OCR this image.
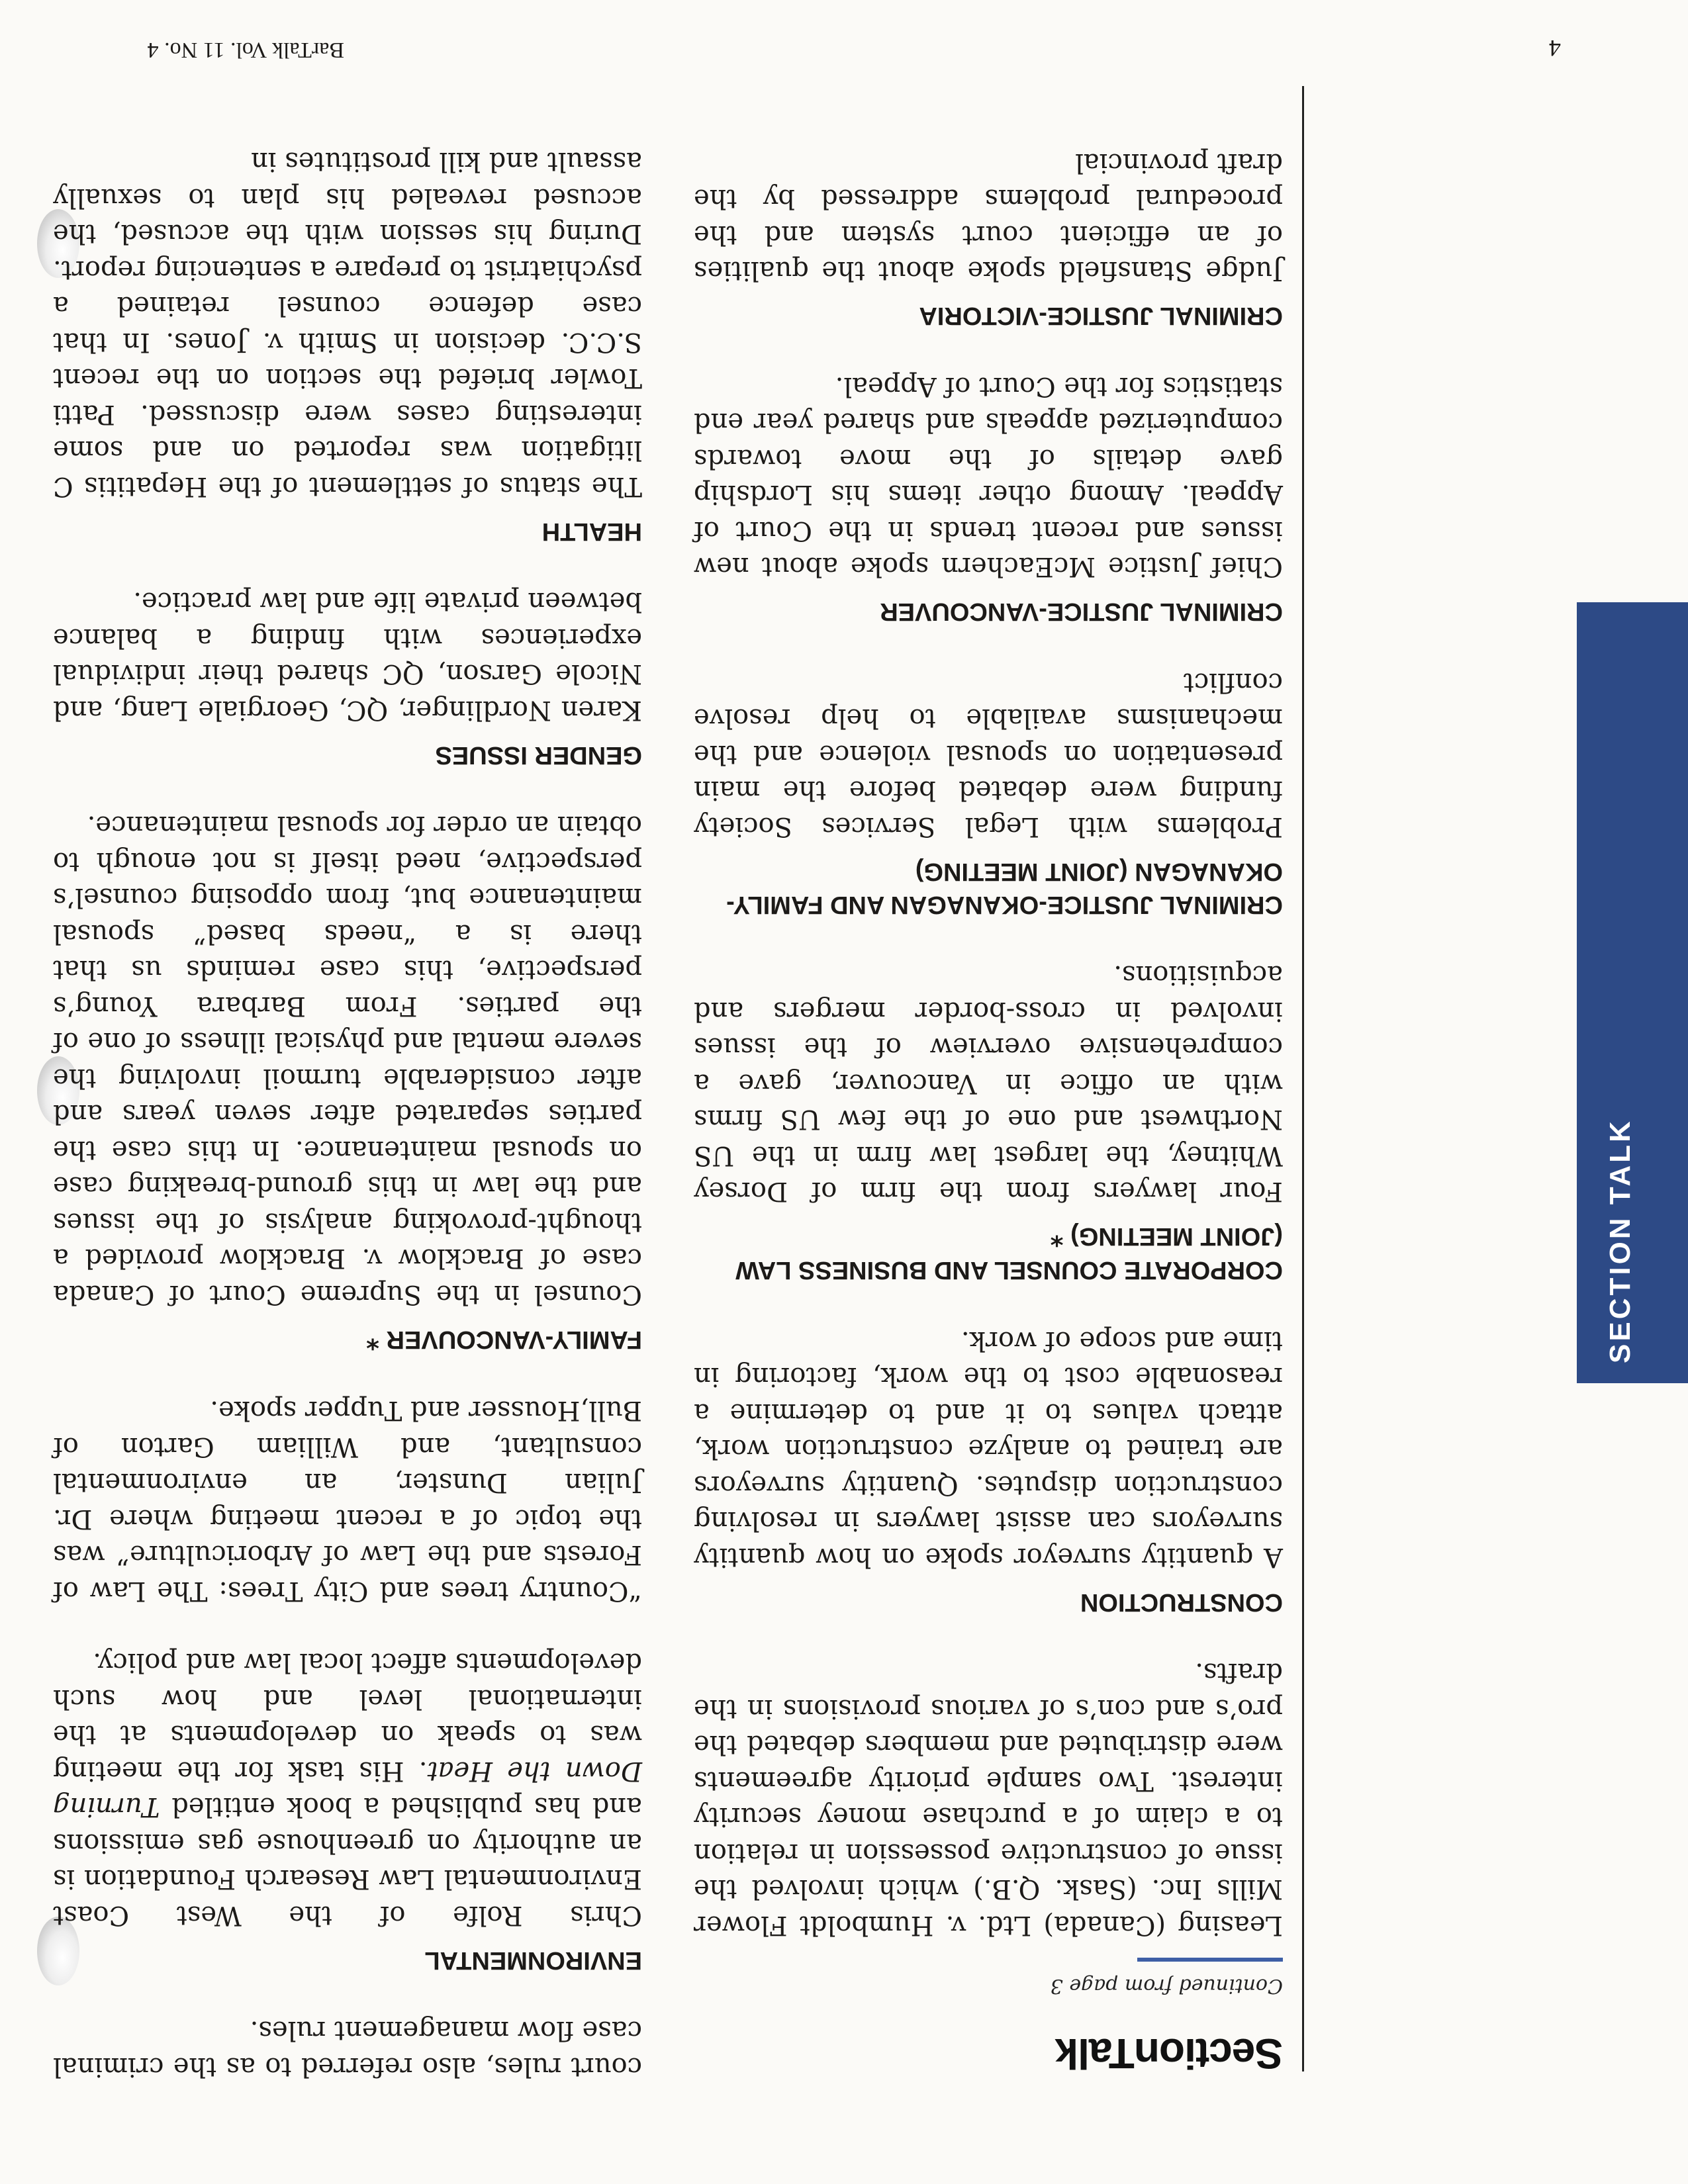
SECTION TALK
SectionTalk
Continued from page 3

Leasing (Canada) Ltd. v. Humboldt Flower Mills Inc. (Sask. Q.B.) which involved the issue of constructive possession in relation to a claim of a purchase money security interest. Two sample priority agreements were distributed and members debated the pro’s and con’s of various provisions in the drafts.

CONSTRUCTION

A quantity surveyor spoke on how quantity surveyors can assist lawyers in resolving construction disputes. Quantity surveyors are trained to analyze construction work, attach values to it and to determine a reasonable cost to the work, factoring in time and scope of work.

CORPORATE COUNSEL AND BUSINESS LAW (JOINT MEETING) *

Four lawyers from the firm of Dorsey Whitney, the largest law firm in the US Northwest and one of the few US firms with an office in Vancouver, gave a comprehensive overview of the issues involved in cross-border mergers and acquisitions.

CRIMINAL JUSTICE-OKANAGAN AND FAMILY-OKANAGAN (JOINT MEETING)

Problems with Legal Services Society funding were debated before the main presentation on spousal violence and the mechanisms available to help resolve conflict

CRIMINAL JUSTICE-VANCOUVER

Chief Justice McEachern spoke about new issues and recent trends in the Court of Appeal. Among other items his Lordship gave details of the move towards computerized appeals and shared year end statistics for the Court of Appeal.

CRIMINAL JUSTICE-VICTORIA

Judge Stansfield spoke about the qualities of an efficient court system and the procedural problems addressed by the draft provincial

court rules, also referred to as the criminal case flow management rules.

ENVIRONMENTAL

Chris Rolfe of the West Coast Environmental Law Research Foundation is an authority on greenhouse gas emissions and has published a book entitled Turning Down the Heat. His task for the meeting was to speak on developments at the international level and how such developments affect local law and policy.

“Country trees and City Trees: The Law of Forests and the Law of Arboriculture” was the topic of a recent meeting where Dr. Julian Dunster, an environmental consultant, and William Garton of Bull,Housser and Tupper spoke.

FAMILY-VANCOUVER *

Counsel in the Supreme Court of Canada case of Bracklow v. Bracklow provided a thought-provoking analysis of the issues and the law in this ground-breaking case on spousal maintenance. In this case the parties separated after seven years and after considerable turmoil involving the severe mental and physical illness of one of the parties. From Barbara Young’s perspective, this case reminds us that there is a “needs based” spousal maintenance but, from opposing counsel’s perspective, need itself is not enough to obtain an order for spousal maintenance.

GENDER ISSUES

Karen Nordlinger, QC, Georgiale Lang, and Nicole Garson, QC shared their individual experiences with finding a balance between private life and law practice.

HEALTH

The status of settlement of the Hepatitis C litigation was reported on and some interesting cases were discussed. Patti Towler briefed the section on the recent S.C.C. decision in Smith v. Jones. In that case defence counsel retained a psychiatrist to prepare a sentencing report. During his session with the accused, the accused revealed his plan to sexually assault and kill prostitutes in

4
BarTalk Vol. 11 No. 4
